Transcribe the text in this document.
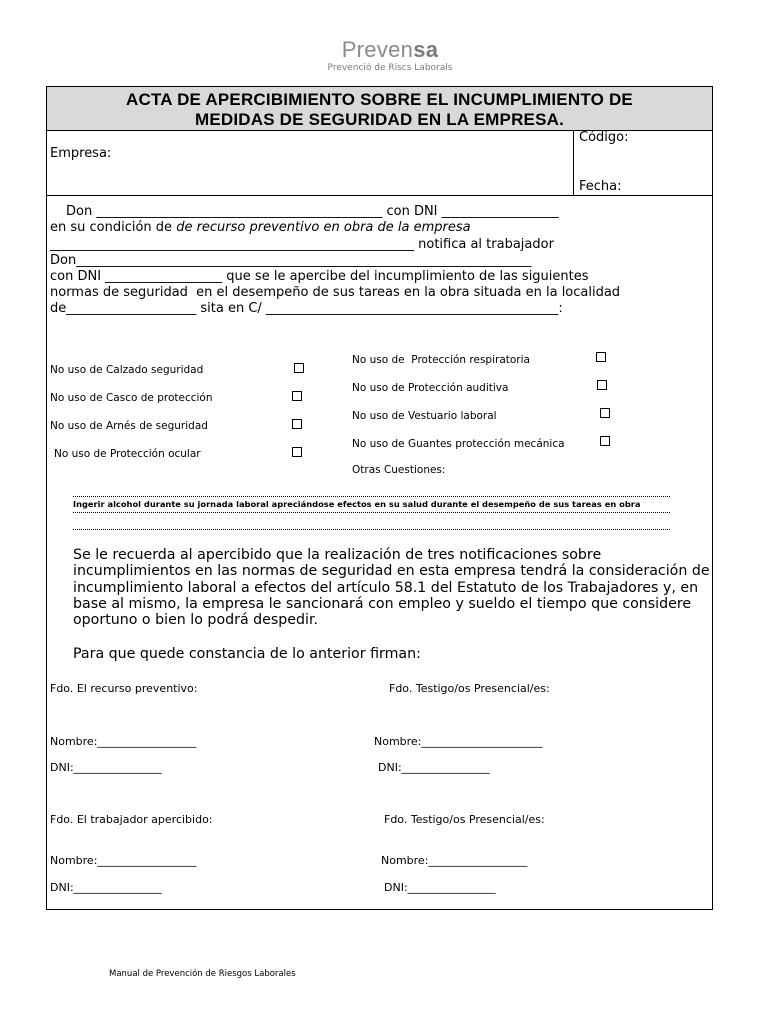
Prevensa
Prevenció de Riscs Laborals
ACTA DE APERCIBIMIENTO SOBRE EL INCUMPLIMIENTO DE
MEDIDAS DE SEGURIDAD EN LA EMPRESA.
Empresa:
Código:
Fecha:
Don ____________________________________________ con DNI __________________
en su condición de de recurso preventivo en obra de la empresa
________________________________________________________ notifica al trabajador
Don______________________________________________________________________
con DNI __________________ que se le apercibe del incumplimiento de las siguientes
normas de seguridad  en el desempeño de sus tareas en la obra situada en la localidad
de____________________ sita en C/ _____________________________________________:
No uso de Calzado seguridad
No uso de Casco de protección
No uso de Arnés de seguridad
No uso de Protección ocular
No uso de  Protección respiratoria
No uso de Protección auditiva
No uso de Vestuario laboral
No uso de Guantes protección mecánica
Otras Cuestiones:
Ingerir alcohol durante su jornada laboral apreciándose efectos en su salud durante el desempeño de sus tareas en obra
Se le recuerda al apercibido que la realización de tres notificaciones sobre
incumplimientos en las normas de seguridad en esta empresa tendrá la consideración de
incumplimiento laboral a efectos del artículo 58.1 del Estatuto de los Trabajadores y, en
base al mismo, la empresa le sancionará con empleo y sueldo el tiempo que considere
oportuno o bien lo podrá despedir.
Para que quede constancia de lo anterior firman:
Fdo. El recurso preventivo:	Fdo. Testigo/os Presencial/es:
Nombre:__________________	Nombre:______________________
DNI:________________	DNI:________________
Fdo. El trabajador apercibido:	Fdo. Testigo/os Presencial/es:
Nombre:__________________	Nombre:__________________
DNI:________________	DNI:________________
Manual de Prevención de Riesgos Laborales
